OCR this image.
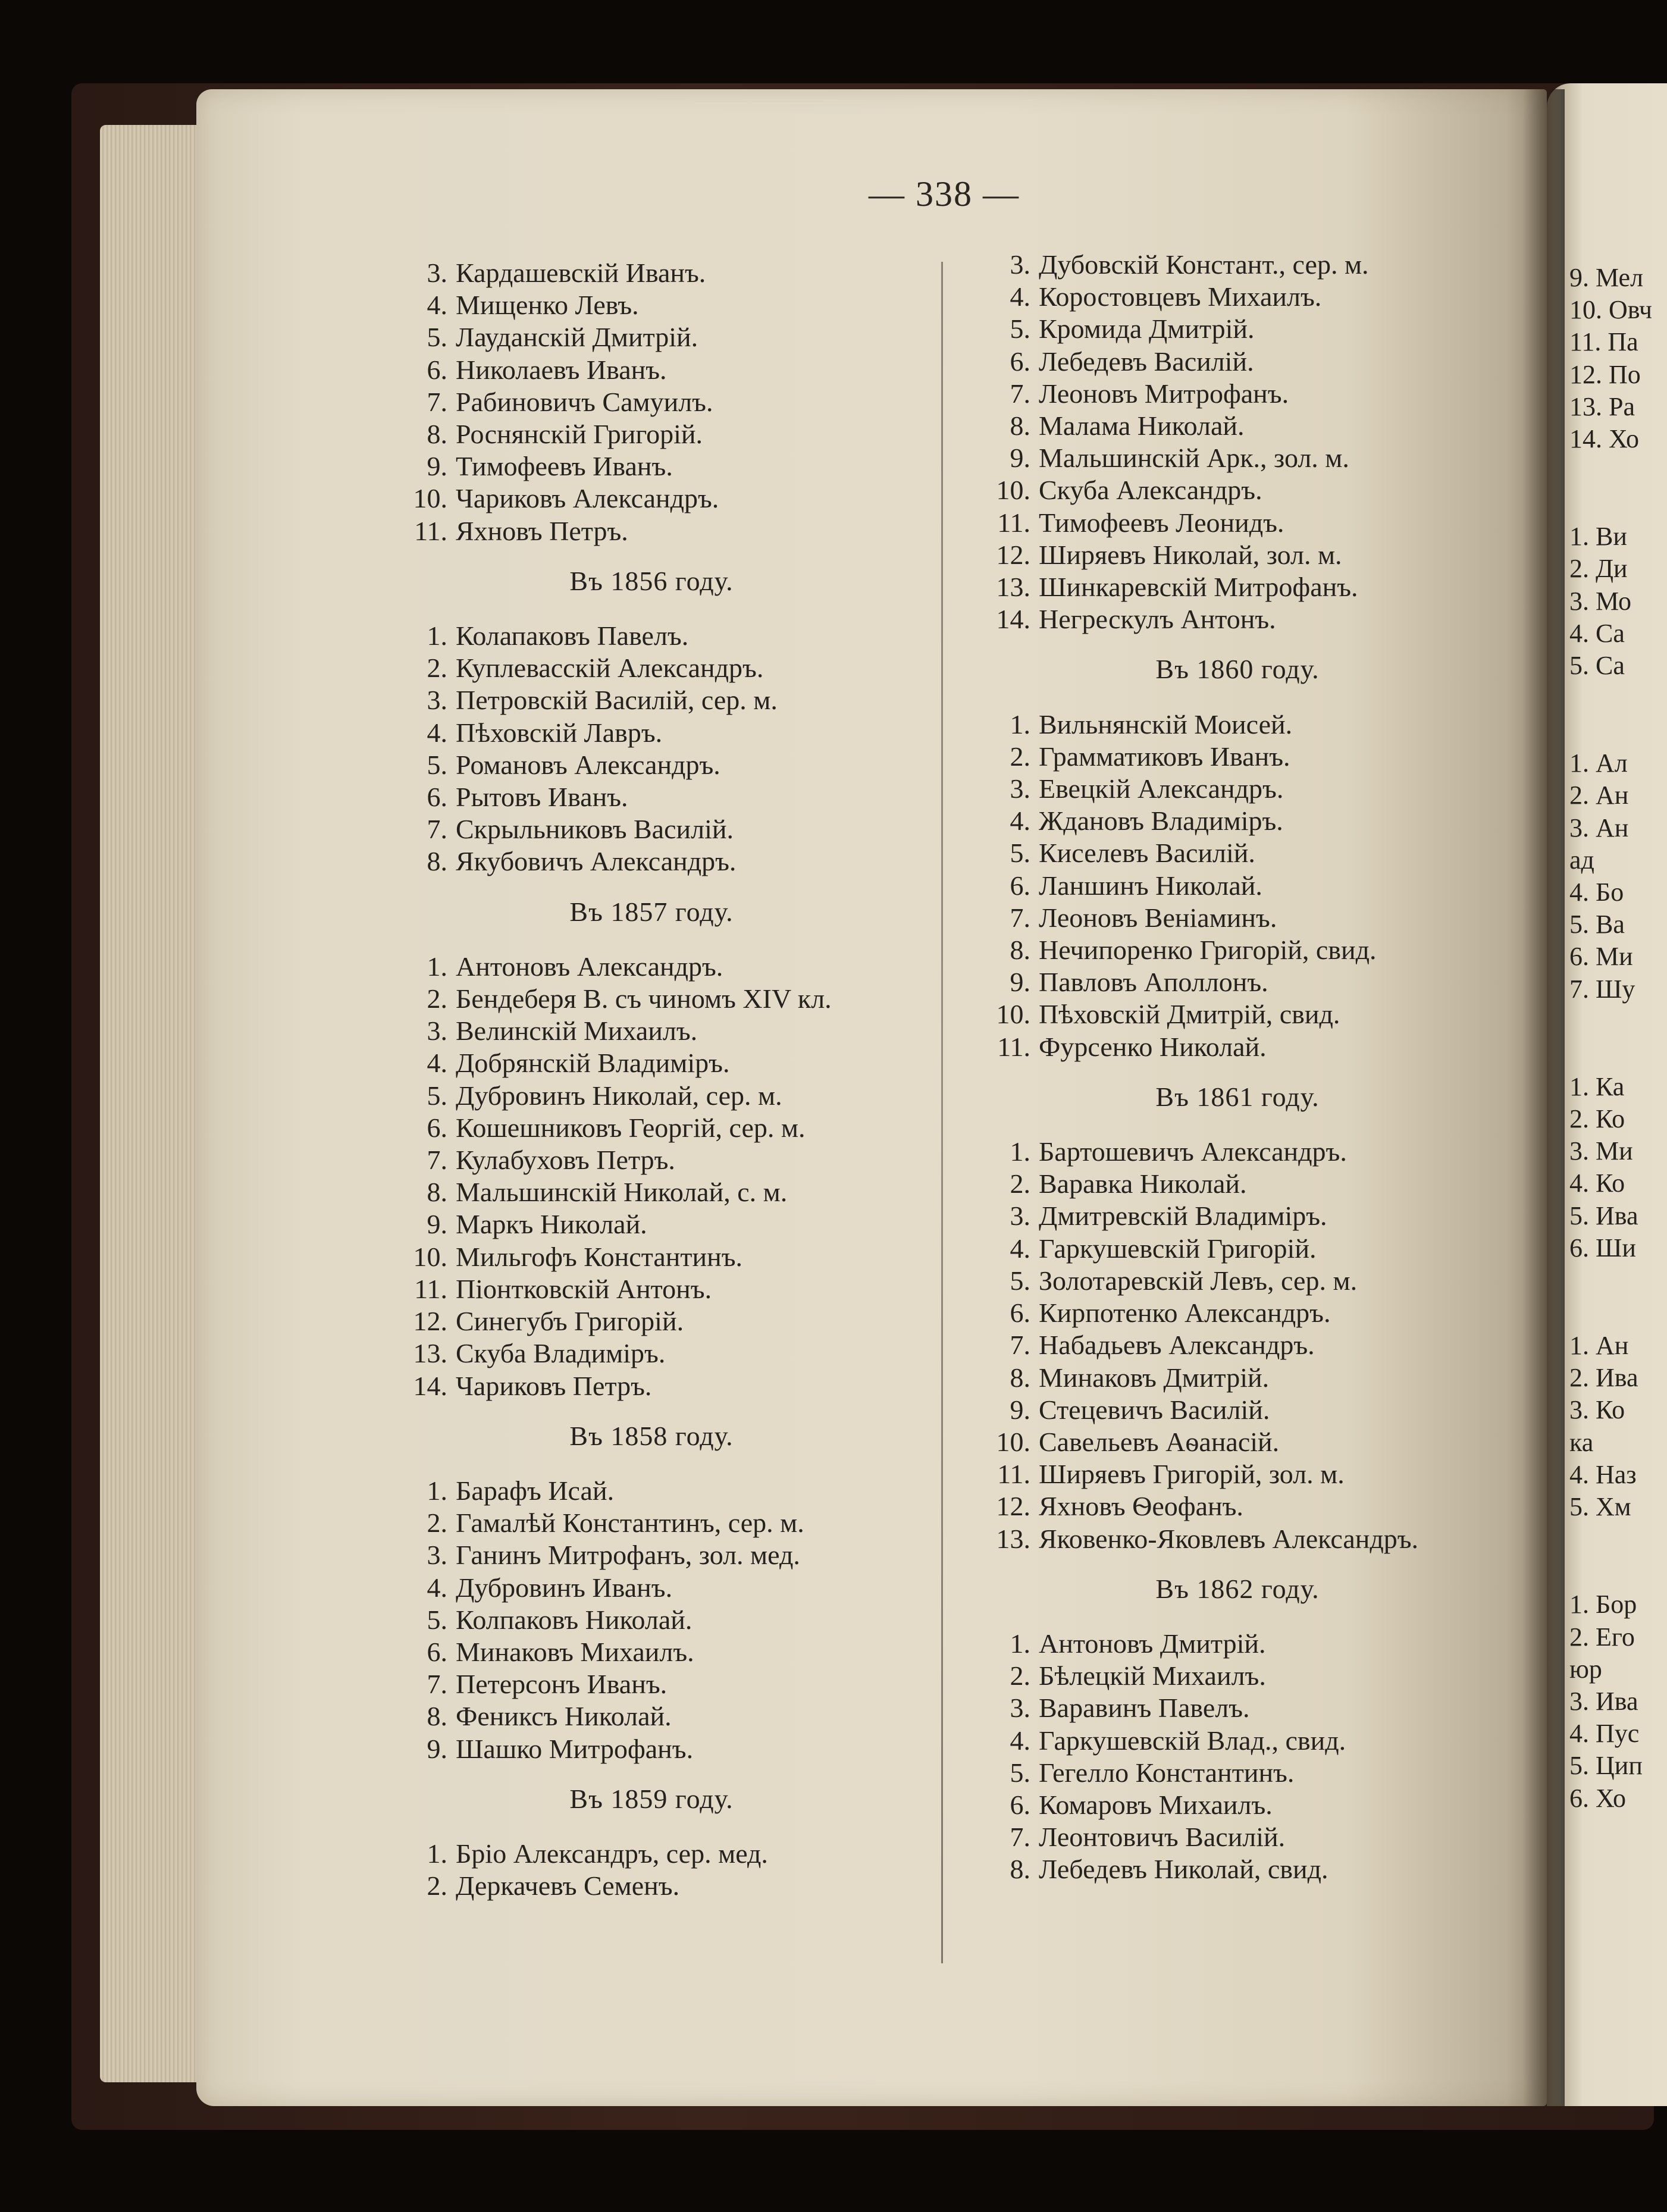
— 338 —
3. Кардашевскій Иванъ.
4. Мищенко Левъ.
5. Лауданскій Дмитрій.
6. Николаевъ Иванъ.
7. Рабиновичъ Самуилъ.
8. Роснянскій Григорій.
9. Тимофеевъ Иванъ.
10. Чариковъ Александръ.
11. Яхновъ Петръ.
Въ 1856 году.
1. Колапаковъ Павелъ.
2. Куплевасскій Александръ.
3. Петровскій Василій, сер. м.
4. Пѣховскій Лавръ.
5. Романовъ Александръ.
6. Рытовъ Иванъ.
7. Скрыльниковъ Василій.
8. Якубовичъ Александръ.
Въ 1857 году.
1. Антоновъ Александръ.
2. Бендеберя В. съ чиномъ XIV кл.
3. Велинскій Михаилъ.
4. Добрянскій Владиміръ.
5. Дубровинъ Николай, сер. м.
6. Кошешниковъ Георгій, сер. м.
7. Кулабуховъ Петръ.
8. Мальшинскій Николай, с. м.
9. Маркъ Николай.
10. Мильгофъ Константинъ.
11. Піонтковскій Антонъ.
12. Синегубъ Григорій.
13. Скуба Владиміръ.
14. Чариковъ Петръ.
Въ 1858 году.
1. Барафъ Исай.
2. Гамалѣй Константинъ, сер. м.
3. Ганинъ Митрофанъ, зол. мед.
4. Дубровинъ Иванъ.
5. Колпаковъ Николай.
6. Минаковъ Михаилъ.
7. Петерсонъ Иванъ.
8. Фениксъ Николай.
9. Шашко Митрофанъ.
Въ 1859 году.
1. Бріо Александръ, сер. мед.
2. Деркачевъ Семенъ.
3. Дубовскій Констант., сер. м.
4. Коростовцевъ Михаилъ.
5. Кромида Дмитрій.
6. Лебедевъ Василій.
7. Леоновъ Митрофанъ.
8. Малама Николай.
9. Мальшинскій Арк., зол. м.
10. Скуба Александръ.
11. Тимофеевъ Леонидъ.
12. Ширяевъ Николай, зол. м.
13. Шинкаревскій Митрофанъ.
14. Негрескулъ Антонъ.
Въ 1860 году.
1. Вильнянскій Моисей.
2. Грамматиковъ Иванъ.
3. Евецкій Александръ.
4. Ждановъ Владиміръ.
5. Киселевъ Василій.
6. Ланшинъ Николай.
7. Леоновъ Веніаминъ.
8. Нечипоренко Григорій, свид.
9. Павловъ Аполлонъ.
10. Пѣховскій Дмитрій, свид.
11. Фурсенко Николай.
Въ 1861 году.
1. Бартошевичъ Александръ.
2. Варавка Николай.
3. Дмитревскій Владиміръ.
4. Гаркушевскій Григорій.
5. Золотаревскій Левъ, сер. м.
6. Кирпотенко Александръ.
7. Набадьевъ Александръ.
8. Минаковъ Дмитрій.
9. Стецевичъ Василій.
10. Савельевъ Аѳанасій.
11. Ширяевъ Григорій, зол. м.
12. Яхновъ Ѳеофанъ.
13. Яковенко-Яковлевъ Александръ.
Въ 1862 году.
1. Антоновъ Дмитрій.
2. Бѣлецкій Михаилъ.
3. Варавинъ Павелъ.
4. Гаркушевскій Влад., свид.
5. Гегелло Константинъ.
6. Комаровъ Михаилъ.
7. Леонтовичъ Василій.
8. Лебедевъ Николай, свид.
9. Мел
10. Овч
11. Па
12. По
13. Ра
14. Хо
1. Ви
2. Ди
3. Мо
4. Са
5. Са
1. Ал
2. Ан
3. Ан
ад
4. Бо
5. Ва
6. Ми
7. Шу
1. Ка
2. Ко
3. Ми
4. Ко
5. Ива
6. Ши
1. Ан
2. Ива
3. Ко
ка
4. Наз
5. Хм
1. Бор
2. Его
юр
3. Ива
4. Пус
5. Цип
6. Хо
